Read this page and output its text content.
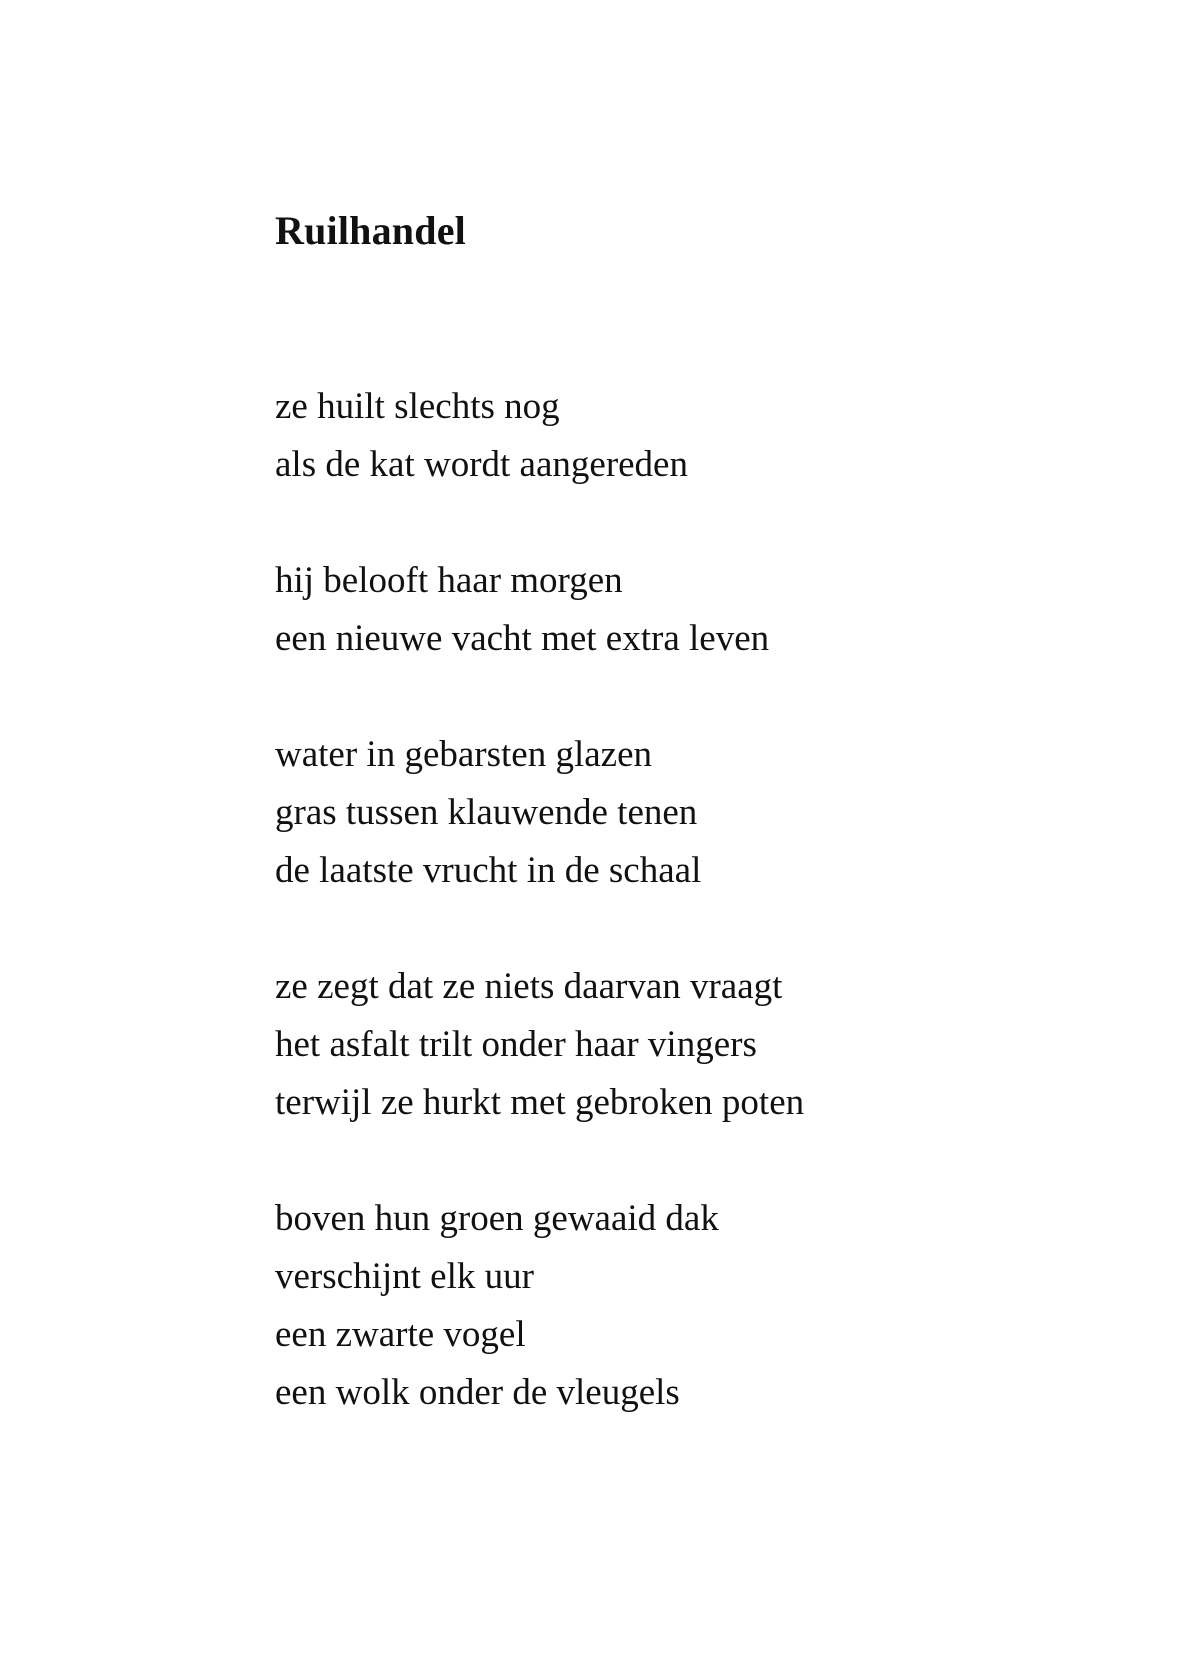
Ruilhandel
ze huilt slechts nog
als de kat wordt aangereden
hij belooft haar morgen
een nieuwe vacht met extra leven
water in gebarsten glazen
gras tussen klauwende tenen
de laatste vrucht in de schaal
ze zegt dat ze niets daarvan vraagt
het asfalt trilt onder haar vingers
terwijl ze hurkt met gebroken poten
boven hun groen gewaaid dak
verschijnt elk uur
een zwarte vogel
een wolk onder de vleugels
